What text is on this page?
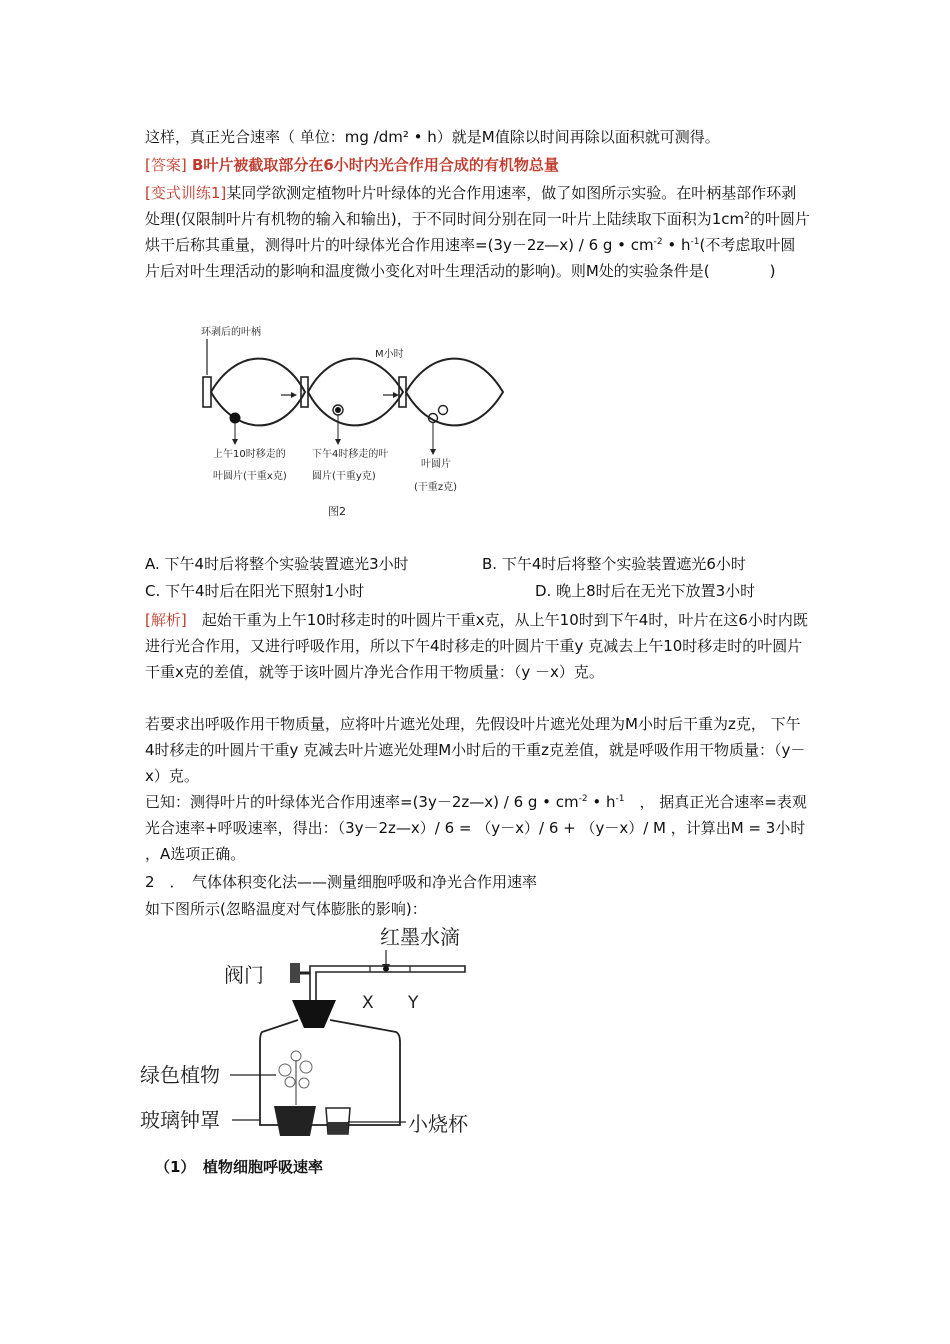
这样，真正光合速率（ 单位：mg /dm² • h）就是M值除以时间再除以面积就可测得。

[答案] B叶片被截取部分在6小时内光合作用合成的有机物总量

[变式训练1]某同学欲测定植物叶片叶绿体的光合作用速率，做了如图所示实验。在叶柄基部作环剥处理(仅限制叶片有机物的输入和输出)，于不同时间分别在同一叶片上陆续取下面积为$1cm^2$的叶圆片烘干后称其重量，测得叶片的叶绿体光合作用速率=(3y－2z—x) / 6 g • $cm^{-2}$ • $h^{-1}$(不考虑取叶圆片后对叶生理活动的影响和温度微小变化对叶生理活动的影响)。则M处的实验条件是(　　　　)

环剥后的叶柄
M小时
上午10时移走的
叶圆片(干重x克)
下午4时移走的叶
圆片(干重y克)
叶圆片
(干重z克)
图2
A. 下午4时后将整个实验装置遮光3小时	B. 下午4时后将整个实验装置遮光6小时
C. 下午4时后在阳光下照射1小时	D. 晚上8时后在无光下放置3小时

[解析]　起始干重为上午10时移走时的叶圆片干重x克，从上午10时到下午4时，叶片在这6小时内既进行光合作用，又进行呼吸作用，所以下午4时移走的叶圆片干重y 克减去上午10时移走时的叶圆片干重x克的差值，就等于该叶圆片净光合作用干物质量：（y －x）克。

若要求出呼吸作用干物质量，应将叶片遮光处理，先假设叶片遮光处理为M小时后干重为z克， 下午4时移走的叶圆片干重y 克减去叶片遮光处理M小时后的干重z克差值，就是呼吸作用干物质量：（y－x）克。

已知：测得叶片的叶绿体光合作用速率=(3y－2z—x) / 6 g • $cm^{-2}$ • $h^{-1}$　， 据真正光合速率=表观光合速率+呼吸速率，得出：（3y－2z—x）/ 6 = （y－x）/ 6 + （y－x）/ M ，计算出M = 3小时 ，A选项正确。

2　．　气体体积变化法——测量细胞呼吸和净光合作用速率

如下图所示(忽略温度对气体膨胀的影响)：

红墨水滴
阀门
X Y
绿色植物
玻璃钟罩	小烧杯

（1）　植物细胞呼吸速率
